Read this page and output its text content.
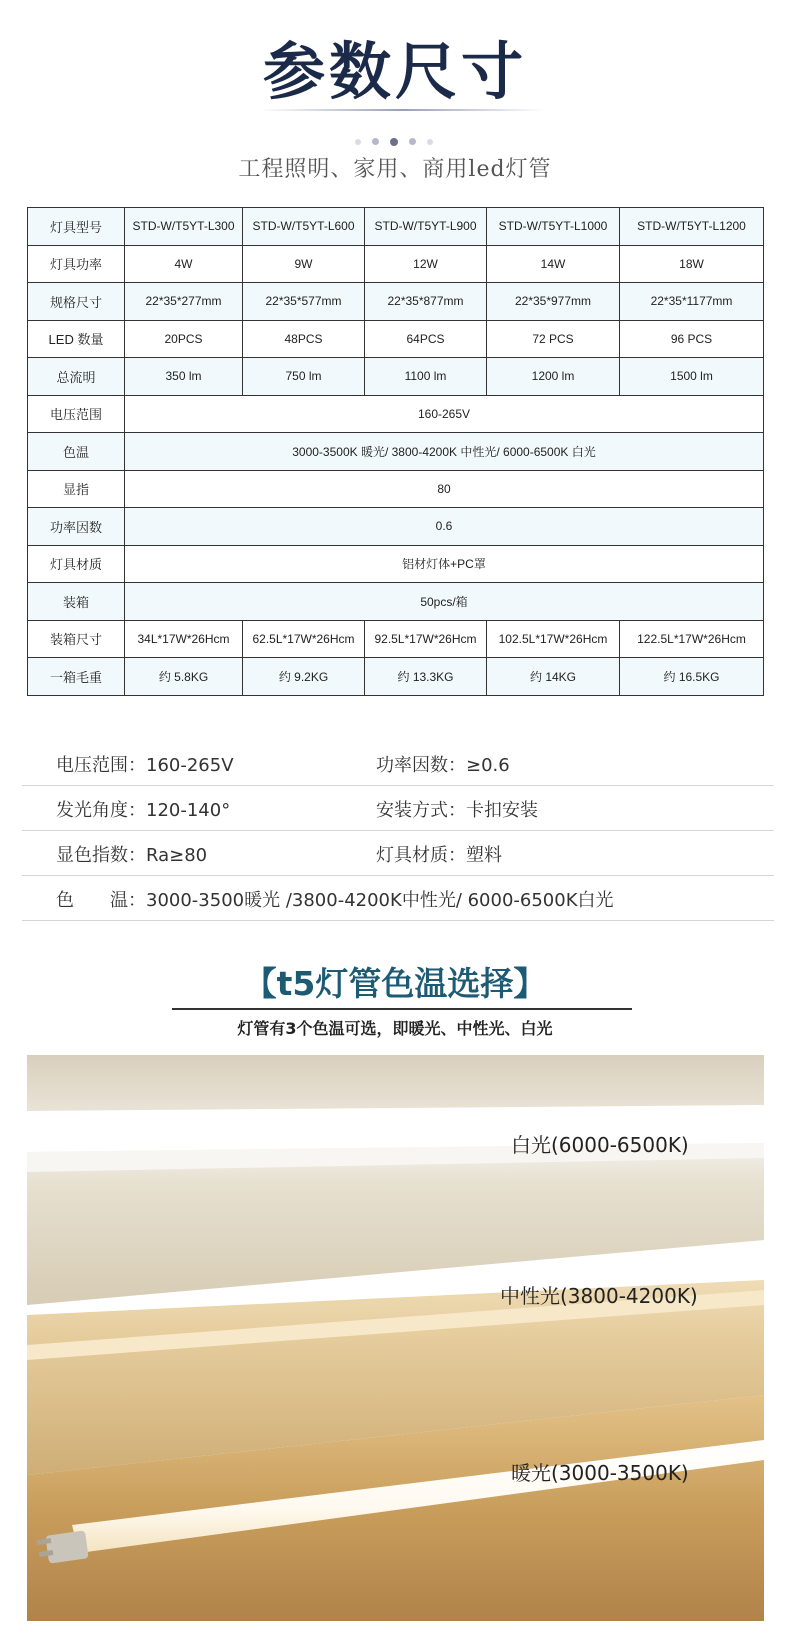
参数尺寸
工程照明、家用、商用led灯管
灯具型号	STD-W/T5YT-L300	STD-W/T5YT-L600	STD-W/T5YT-L900	STD-W/T5YT-L1000	STD-W/T5YT-L1200
灯具功率	4W	9W	12W	14W	18W
规格尺寸	22*35*277mm	22*35*577mm	22*35*877mm	22*35*977mm	22*35*1177mm
LED 数量	20PCS	48PCS	64PCS	72 PCS	96 PCS
总流明	350 lm	750 lm	1100 lm	1200 lm	1500 lm
电压范围	160-265V				
色温	3000-3500K 暖光/ 3800-4200K 中性光/ 6000-6500K 白光				
显指	80				
功率因数	0.6				
灯具材质	铝材灯体+PC罩				
装箱	50pcs/箱				
装箱尺寸	34L*17W*26Hcm	62.5L*17W*26Hcm	92.5L*17W*26Hcm	102.5L*17W*26Hcm	122.5L*17W*26Hcm
一箱毛重	约 5.8KG	约 9.2KG	约 13.3KG	约 14KG	约 16.5KG
电压范围：160-265V	功率因数：≥0.6
发光角度：120-140°	安装方式：卡扣安装
显色指数：Ra≥80	灯具材质：塑料
色　　温：3000-3500暖光 /3800-4200K中性光/ 6000-6500K白光
【t5灯管色温选择】
灯管有3个色温可选，即暖光、中性光、白光
白光(6000-6500K)
中性光(3800-4200K)
暖光(3000-3500K)
